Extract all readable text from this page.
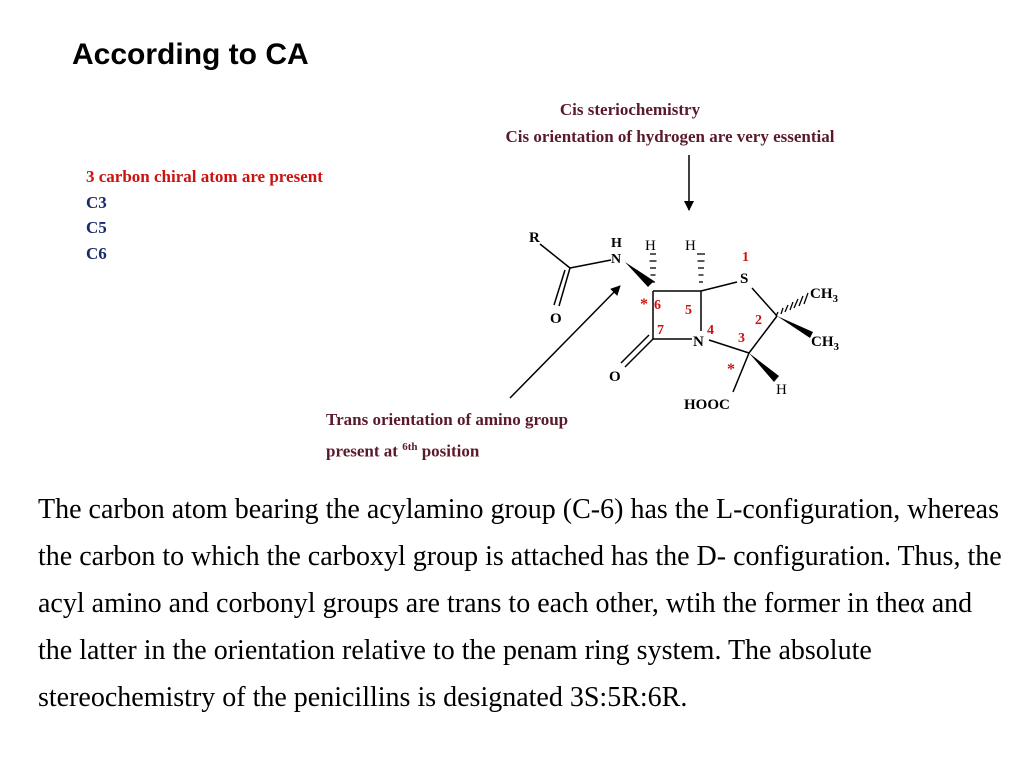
According to CA
Cis steriochemistry
Cis orientation of hydrogen are very essential
3 carbon chiral atom are present
C3
C5
C6
R
O
H
N
H H
S
N
O
$CH_3$
$CH_3$
H
HOOC
1
2
3
4
5
6
7
*
*
Trans orientation of amino group
present at $^{6th}$ position
The carbon atom bearing the acylamino group (C-6) has the L-configuration, whereas the carbon to which the carboxyl group is attached has the D- configuration. Thus, the acyl amino and corbonyl groups are trans to each other, wtih the former in theα and the latter in the orientation relative to the penam ring system. The absolute stereochemistry of the penicillins is designated 3S:5R:6R.
